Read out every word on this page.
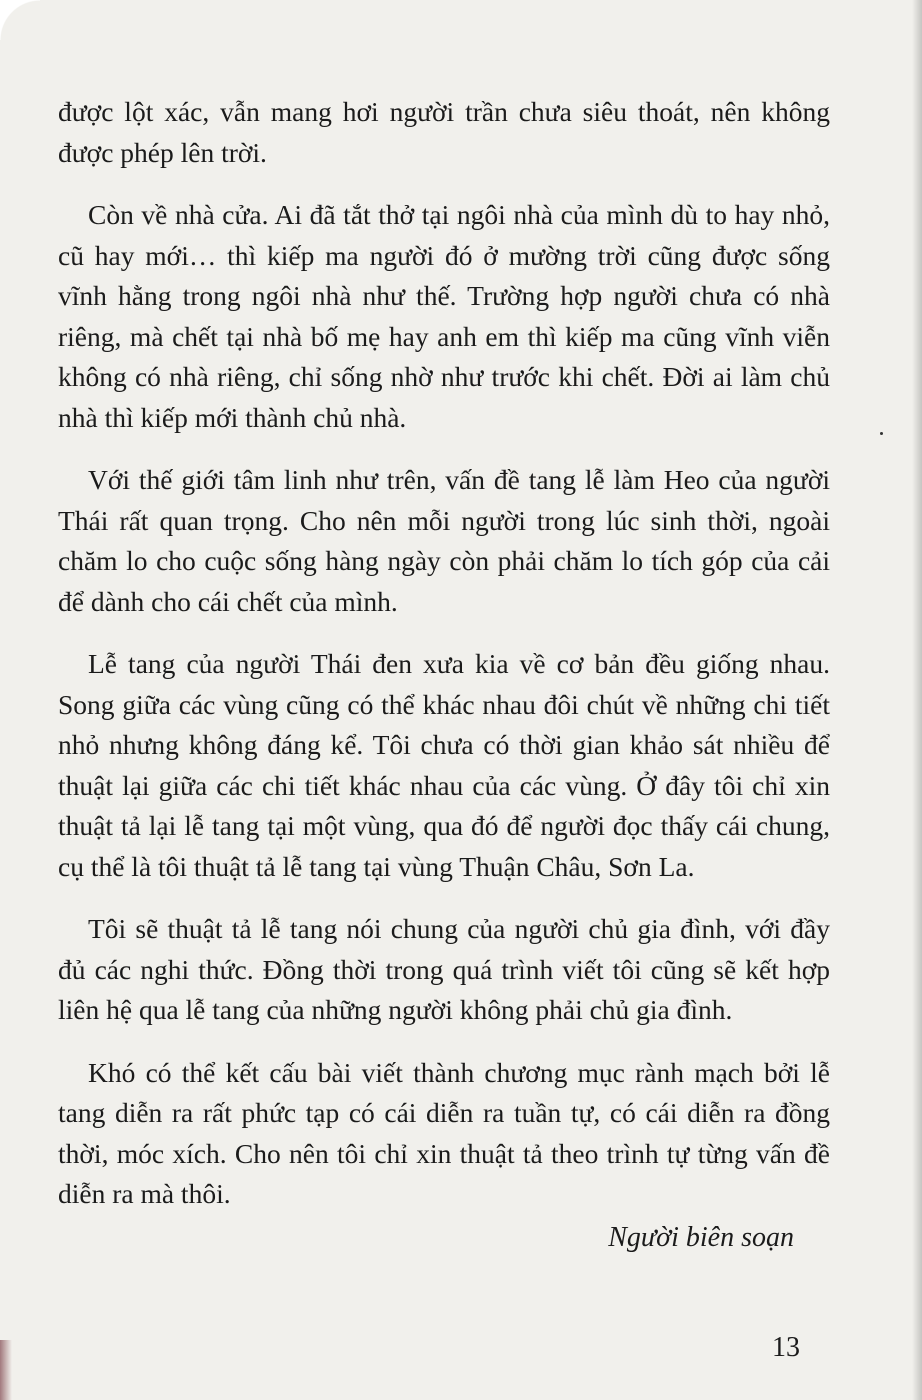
được lột xác, vẫn mang hơi người trần chưa siêu thoát, nên không được phép lên trời.

Còn về nhà cửa. Ai đã tắt thở tại ngôi nhà của mình dù to hay nhỏ, cũ hay mới… thì kiếp ma người đó ở mường trời cũng được sống vĩnh hằng trong ngôi nhà như thế. Trường hợp người chưa có nhà riêng, mà chết tại nhà bố mẹ hay anh em thì kiếp ma cũng vĩnh viễn không có nhà riêng, chỉ sống nhờ như trước khi chết. Đời ai làm chủ nhà thì kiếp mới thành chủ nhà.

Với thế giới tâm linh như trên, vấn đề tang lễ làm Heo của người Thái rất quan trọng. Cho nên mỗi người trong lúc sinh thời, ngoài chăm lo cho cuộc sống hàng ngày còn phải chăm lo tích góp của cải để dành cho cái chết của mình.

Lễ tang của người Thái đen xưa kia về cơ bản đều giống nhau. Song giữa các vùng cũng có thể khác nhau đôi chút về những chi tiết nhỏ nhưng không đáng kể. Tôi chưa có thời gian khảo sát nhiều để thuật lại giữa các chi tiết khác nhau của các vùng. Ở đây tôi chỉ xin thuật tả lại lễ tang tại một vùng, qua đó để người đọc thấy cái chung, cụ thể là tôi thuật tả lễ tang tại vùng Thuận Châu, Sơn La.

Tôi sẽ thuật tả lễ tang nói chung của người chủ gia đình, với đầy đủ các nghi thức. Đồng thời trong quá trình viết tôi cũng sẽ kết hợp liên hệ qua lễ tang của những người không phải chủ gia đình.

Khó có thể kết cấu bài viết thành chương mục rành mạch bởi lễ tang diễn ra rất phức tạp có cái diễn ra tuần tự, có cái diễn ra đồng thời, móc xích. Cho nên tôi chỉ xin thuật tả theo trình tự từng vấn đề diễn ra mà thôi.

Người biên soạn

13
